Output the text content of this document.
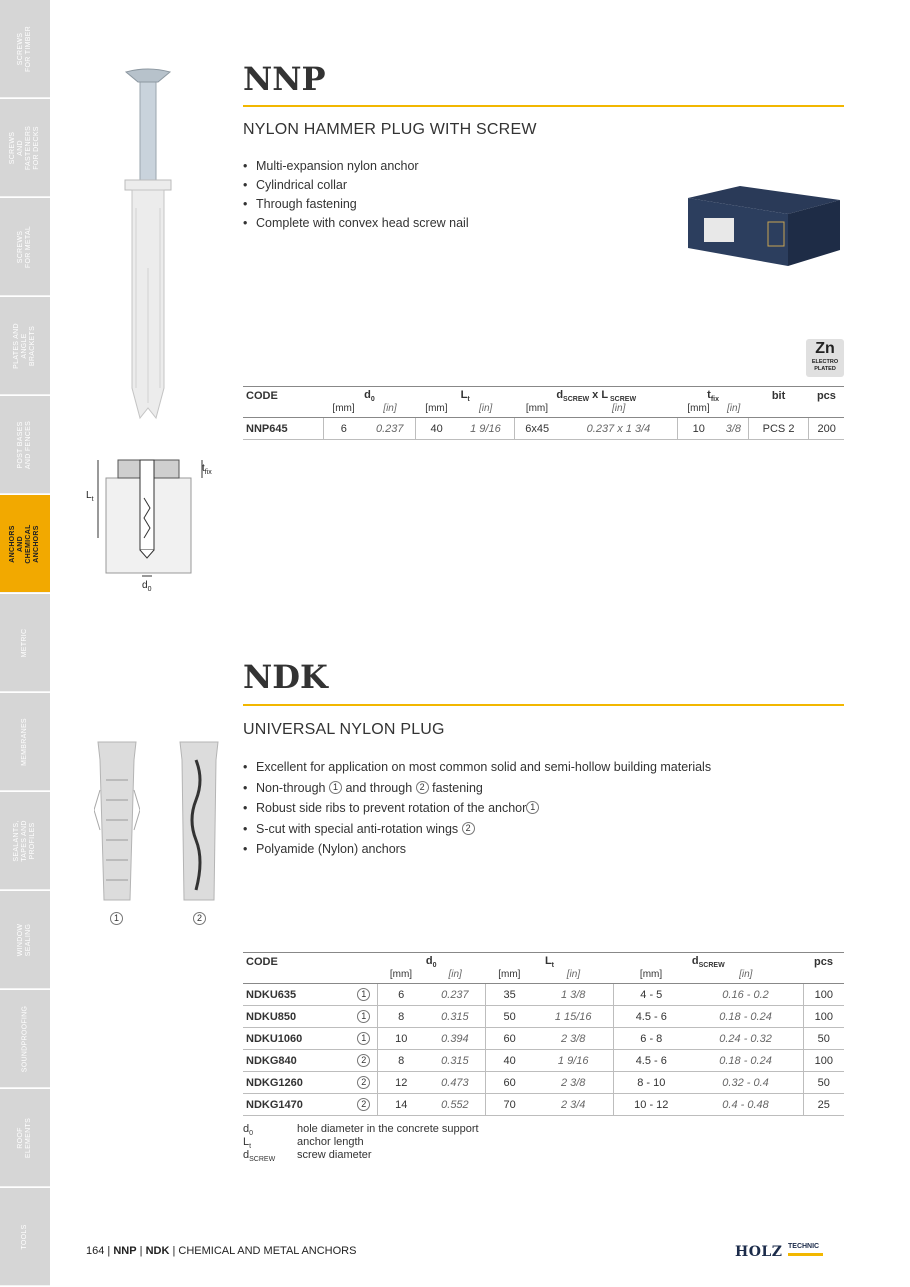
SCREWS FOR TIMBER
SCREWS AND FASTENERS FOR DECKS
SCREWS FOR METAL
PLATES AND ANGLE BRACKETS
POST BASES AND FENCES
ANCHORS AND CHEMICAL ANCHORS
METRIC
MEMBRANES
SEALANTS, TAPES AND PROFILES
WINDOW SEALING
SOUNDPROOFING
ROOF ELEMENTS
TOOLS
$t_{fix}$
$L_t$
$d_0$
NNP
NYLON HAMMER PLUG WITH SCREW
• Multi-expansion nylon anchor
• Cylindrical collar
• Through fastening
• Complete with convex head screw nail
Zn
ELECTRO
PLATED
CODE	$d_0$		$L_t$		$d_{SCREW}$ x L $_{SCREW}$		$t_{fix}$		bit	pcs
	[mm]	[in]	[mm]	[in]	[mm]	[in]	[mm]	[in]		
NNP645	6	0.237	40	1 9/16	6x45	0.237 x 1 3/4	10	3/8	PCS 2	200
1	2
NDK
UNIVERSAL NYLON PLUG
• Excellent for application on most common solid and semi-hollow building materials
• Non-through 1 and through 2 fastening
• Robust side ribs to prevent rotation of the anchor 1
• S-cut with special anti-rotation wings 2
• Polyamide (Nylon) anchors
CODE		$d_0$		$L_t$		$d_{SCREW}$		pcs
		[mm]	[in]	[mm]	[in]	[mm]	[in]	
NDKU635	1	6	0.237	35	1 3/8	4 - 5	0.16 - 0.2	100
NDKU850	1	8	0.315	50	1 15/16	4.5 - 6	0.18 - 0.24	100
NDKU1060	1	10	0.394	60	2 3/8	6 - 8	0.24 - 0.32	50
NDKG840	2	8	0.315	40	1 9/16	4.5 - 6	0.18 - 0.24	100
NDKG1260	2	12	0.473	60	2 3/8	8 - 10	0.32 - 0.4	50
NDKG1470	2	14	0.552	70	2 3/4	10 - 12	0.4 - 0.48	25
$d_0$	hole diameter in the concrete support
$L_t$	anchor length
$d_{SCREW}$	screw diameter
164 | NNP | NDK | CHEMICAL AND METAL ANCHORS	HOLZ TECHNIC
